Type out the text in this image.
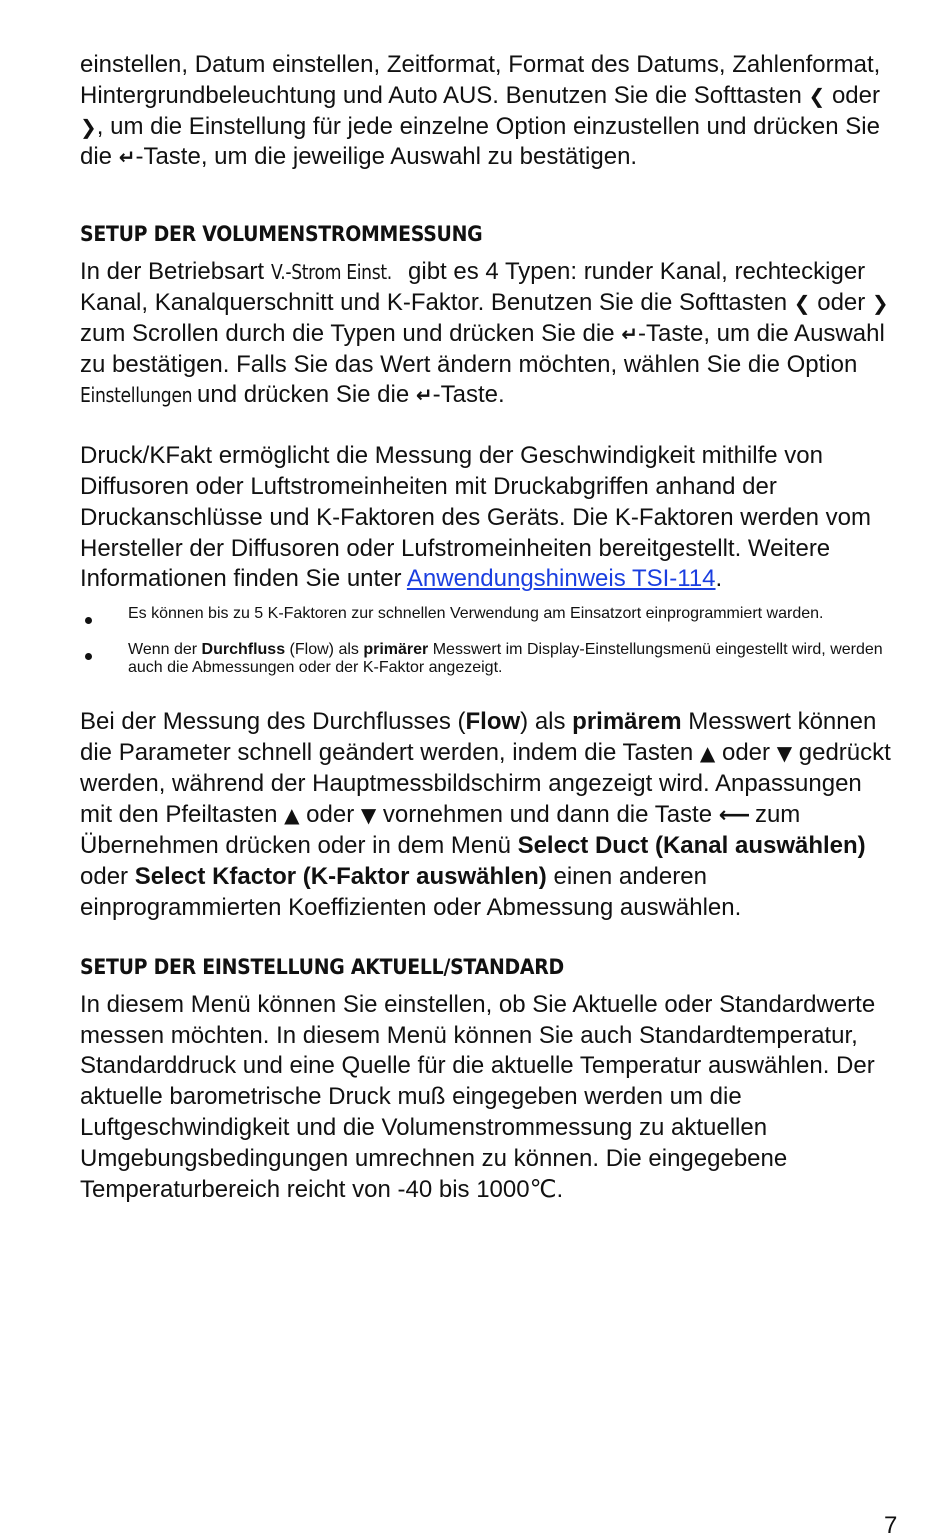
einstellen, Datum einstellen, Zeitformat, Format des Datums, Zahlenformat, Hintergrundbeleuchtung und Auto AUS. Benutzen Sie die Softtasten ❮ oder ❯, um die Einstellung für jede einzelne Option einzustellen und drücken Sie die ↵-Taste, um die jeweilige Auswahl zu bestätigen.

SETUP DER VOLUMENSTROMMESSUNG

In der Betriebsart V.-Strom Einst. gibt es 4 Typen: runder Kanal, rechteckiger Kanal, Kanalquerschnitt und K-Faktor. Benutzen Sie die Softtasten ❮ oder ❯ zum Scrollen durch die Typen und drücken Sie die ↵-Taste, um die Auswahl zu bestätigen. Falls Sie das Wert ändern möchten, wählen Sie die Option Einstellungen und drücken Sie die ↵-Taste.

Druck/KFakt ermöglicht die Messung der Geschwindigkeit mithilfe von Diffusoren oder Luftstromeinheiten mit Druckabgriffen anhand der Druckanschlüsse und K-Faktoren des Geräts. Die K-Faktoren werden vom Hersteller der Diffusoren oder Lufstromeinheiten bereitgestellt. Weitere Informationen finden Sie unter Anwendungshinweis TSI-114.

Es können bis zu 5 K-Faktoren zur schnellen Verwendung am Einsatzort einprogrammiert warden.
Wenn der Durchfluss (Flow) als primärer Messwert im Display-Einstellungsmenü eingestellt wird, werden auch die Abmessungen oder der K-Faktor angezeigt.

Bei der Messung des Durchflusses (Flow) als primärem Messwert können die Parameter schnell geändert werden, indem die Tasten ▲ oder ▼ gedrückt werden, während der Hauptmessbildschirm angezeigt wird. Anpassungen mit den Pfeiltasten ▲ oder ▼ vornehmen und dann die Taste ⟵ zum Übernehmen drücken oder in dem Menü Select Duct (Kanal auswählen) oder Select Kfactor (K-Faktor auswählen) einen anderen einprogrammierten Koeffizienten oder Abmessung auswählen.

SETUP DER EINSTELLUNG AKTUELL/STANDARD

In diesem Menü können Sie einstellen, ob Sie Aktuelle oder Standardwerte messen möchten. In diesem Menü können Sie auch Standardtemperatur, Standarddruck und eine Quelle für die aktuelle Temperatur auswählen. Der aktuelle barometrische Druck muß eingegeben werden um die Luftgeschwindigkeit und die Volumenstrommessung zu aktuellen Umgebungsbedingungen umrechnen zu können. Die eingegebene Temperaturbereich reicht von -40 bis 1000℃.

7
